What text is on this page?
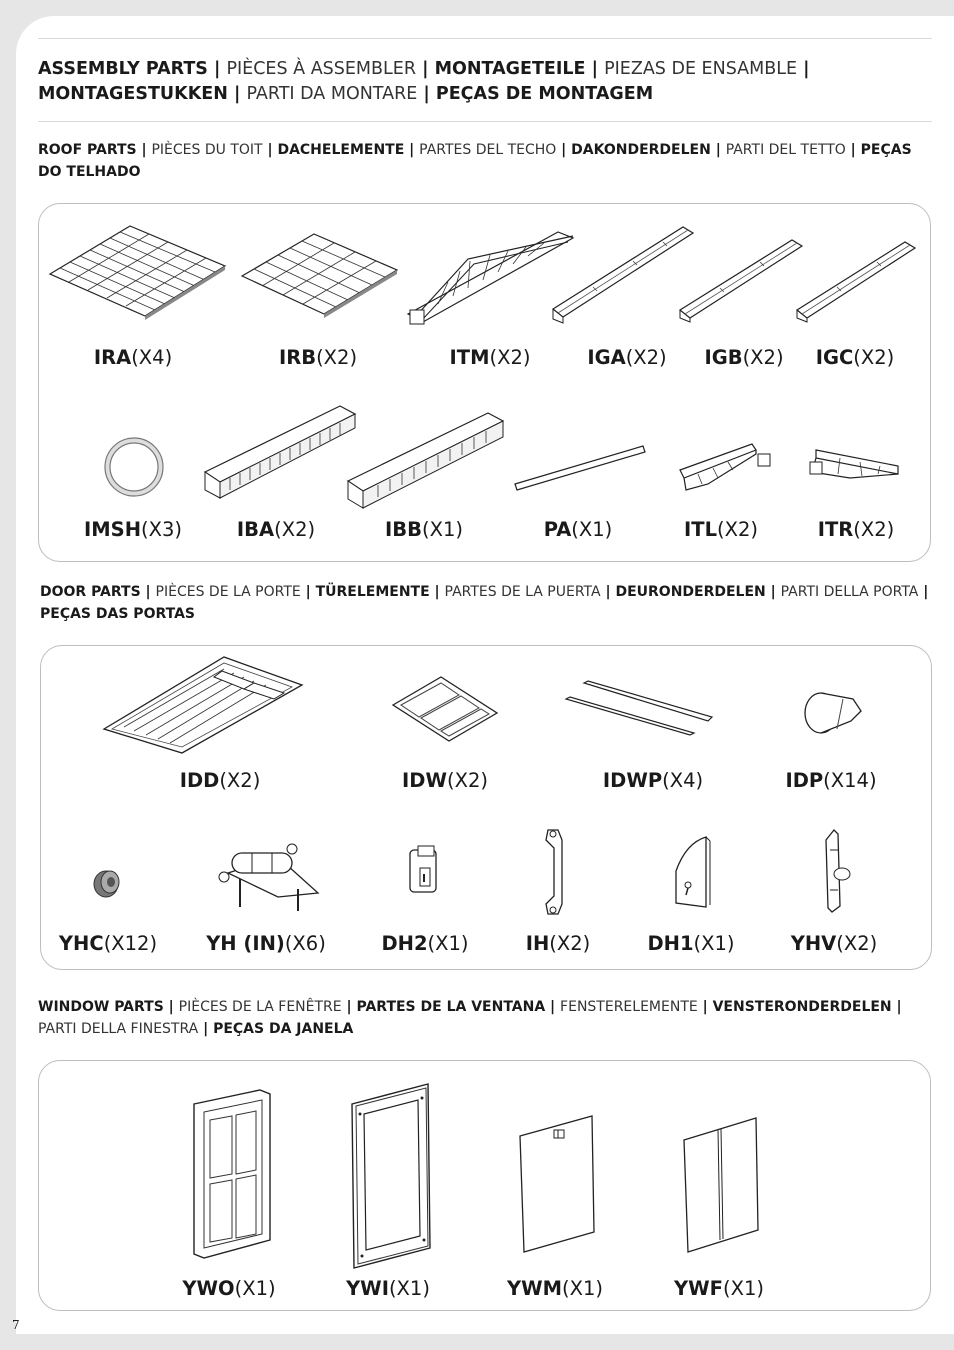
ASSEMBLY PARTS | PIÈCES À ASSEMBLER | MONTAGETEILE | PIEZAS DE ENSAMBLE | MONTAGESTUKKEN | PARTI DA MONTARE | PEÇAS DE MONTAGEM
ROOF PARTS | PIÈCES DU TOIT | DACHELEMENTE | PARTES DEL TECHO | DAKONDERDELEN | PARTI DEL TETTO | PEÇAS DO TELHADO
DOOR PARTS | PIÈCES DE LA PORTE | TÜRELEMENTE | PARTES DE LA PUERTA | DEURONDERDELEN | PARTI DELLA PORTA | PEÇAS DAS PORTAS
WINDOW PARTS | PIÈCES DE LA FENÊTRE | PARTES DE LA VENTANA | FENSTERELEMENTE | VENSTERONDERDELEN | PARTI DELLA FINESTRA | PEÇAS DA JANELA
IRA(X4)	IRB(X2)	ITM(X2)	IGA(X2) IGB(X2) IGC(X2)
IMSH(X3)	IBA(X2)	IBB(X1)	PA(X1)	ITL(X2)	ITR(X2)
IDD(X2)	IDW(X2)	IDWP(X4)	IDP(X14)
YHC(X12)	YH (IN)(X6)	DH2(X1)	IH(X2)	DH1(X1)	YHV(X2)
YWO(X1)	YWI(X1)	YWM(X1)	YWF(X1)
7
